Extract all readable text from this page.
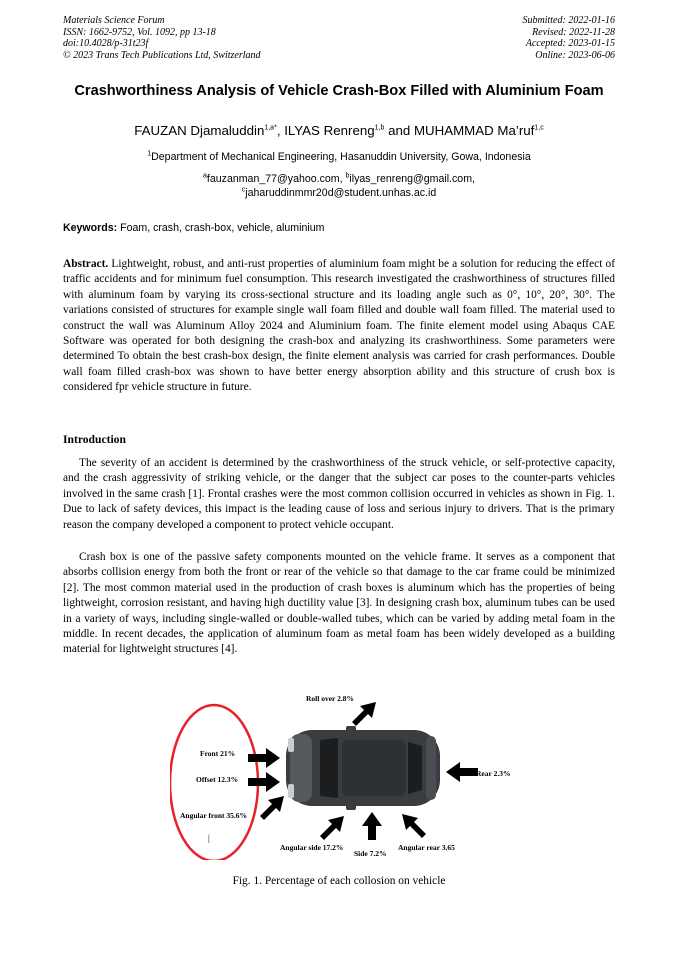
Materials Science Forum
ISSN: 1662-9752, Vol. 1092, pp 13-18
doi:10.4028/p-31t23f
© 2023 Trans Tech Publications Ltd, Switzerland
Submitted: 2022-01-16
Revised: 2022-11-28
Accepted: 2023-01-15
Online: 2023-06-06
Crashworthiness Analysis of Vehicle Crash-Box Filled with Aluminium Foam
FAUZAN Djamaluddin$^{1,a*}$, ILYAS Renreng$^{1,b}$ and MUHAMMAD Ma’ruf$^{1,c}$
$^1$Department of Mechanical Engineering, Hasanuddin University, Gowa, Indonesia
$^a$fauzanman_77@yahoo.com, $^b$ilyas_renreng@gmail.com,
$^c$jaharuddinmmr20d@student.unhas.ac.id
Keywords: Foam, crash, crash-box, vehicle, aluminium

Abstract. Lightweight, robust, and anti-rust properties of aluminium foam might be a solution for reducing the effect of traffic accidents and for minimum fuel consumption. This research investigated the crashworthiness of structures filled with aluminum foam by varying its cross-sectional structure and its loading angle such as 0°, 10°, 20°, 30°. The variations consisted of structures for example single wall foam filled and double wall foam filled. The material used to construct the wall was Aluminum Alloy 2024 and Aluminium foam. The finite element model using Abaqus CAE Software was operated for both designing the crash-box and analyzing its crashworthiness. Some parameters were determined To obtain the best crash-box design, the finite element analysis was carried for crash performances. Double wall foam filled crash-box was shown to have better energy absorption ability and this structure of crush box is considered fpr vehicle structure in future.

Introduction

The severity of an accident is determined by the crashworthiness of the struck vehicle, or self-protective capacity, and the crash aggressivity of striking vehicle, or the danger that the subject car poses to the counter-parts vehicles involved in the same crash [1]. Frontal crashes were the most common collision occurred in vehicles as shown in Fig. 1. Due to lack of safety devices, this impact is the leading cause of loss and serious injury to drivers. That is the primary reason the company developed a component to protect vehicle occupant.

Crash box is one of the passive safety components mounted on the vehicle frame. It serves as a component that absorbs collision energy from both the front or rear of the vehicle so that damage to the car frame could be minimized [2]. The most common material used in the production of crash boxes is aluminum which has the properties of being lightweight, corrosion resistant, and having high ductility value [3]. In designing crash box, aluminum tubes can be used in a variety of ways, including single-walled or double-walled tubes, which can be varied by adding metal foam in the middle. In recent decades, the application of aluminum foam as metal foam has been widely developed as a building material for lightweight structures [4].

Roll over 2.8%
Front 21%
Offset 12.3%
Angular front 35.6%
Rear 2.3%
Angular side 17.2%
Side 7.2%
Angular rear 3.65
|
Fig. 1. Percentage of each collosion on vehicle
